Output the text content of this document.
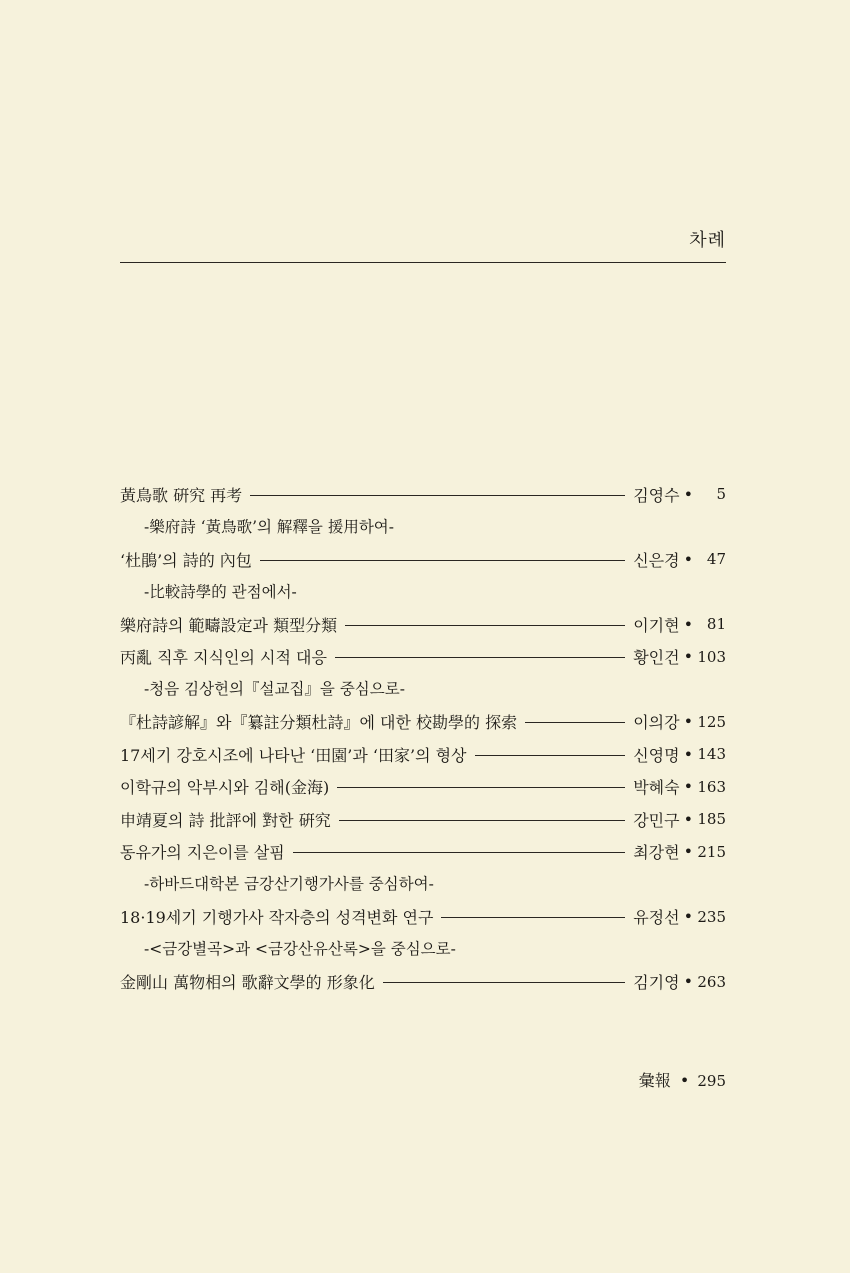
차례
黃鳥歌 硏究 再考	김영수 •	5
-樂府詩 ‘黃鳥歌’의 解釋을 援用하여-
‘杜鵑’의 詩的 內包	신은경 • 47
-比較詩學的 관점에서-
樂府詩의 範疇設定과 類型分類	이기현 • 81
丙亂 직후 지식인의 시적 대응	황인건 • 103
-청음 김상헌의『설교집』을 중심으로-
『杜詩諺解』와『纂註分類杜詩』에 대한 校勘學的 探索	이의강 • 125
17세기 강호시조에 나타난 ‘田園’과 ‘田家’의 형상	신영명 • 143
이학규의 악부시와 김해(金海)	박혜숙 • 163
申靖夏의 詩 批評에 對한 硏究	강민구 • 185
동유가의 지은이를 살핌	최강현 • 215
-하바드대학본 금강산기행가사를 중심하여-
18·19세기 기행가사 작자층의 성격변화 연구	유정선 • 235
-<금강별곡>과 <금강산유산록>을 중심으로-
金剛山 萬物相의 歌辭文學的 形象化	김기영 • 263
彙報 • 295
